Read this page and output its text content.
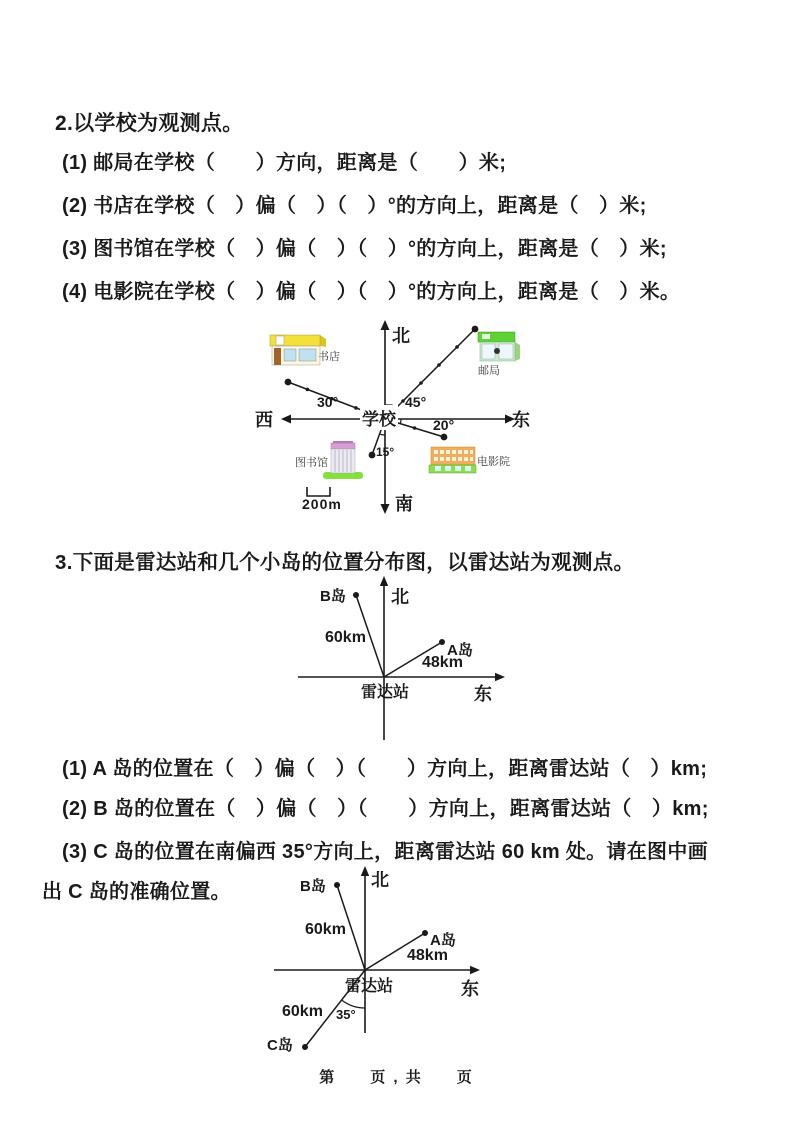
2.以学校为观测点。
(1) 邮局在学校（　　）方向，距离是（　　）米;
(2) 书店在学校（　）偏（　）（　）°的方向上，距离是（　）米;
(3) 图书馆在学校（　）偏（　）（　）°的方向上，距离是（　）米;
(4) 电影院在学校（　）偏（　）（　）°的方向上，距离是（　）米。
北
西	东
南
学校
30°	45°
20°
15°
书店
邮局
图书馆	电影院
200m
3.下面是雷达站和几个小岛的位置分布图，以雷达站为观测点。
B岛	北
60km
A岛
48km
雷达站	东
(1) A 岛的位置在（　）偏（　）（　　）方向上，距离雷达站（　）km;
(2) B 岛的位置在（　）偏（　）（　　）方向上，距离雷达站（　）km;
(3) C 岛的位置在南偏西 35°方向上，距离雷达站 60 km 处。请在图中画
出 C 岛的准确位置。	B岛	北
60km
A岛
48km
雷达站	东
60km 35°
C岛
第　　页 , 共　　页
